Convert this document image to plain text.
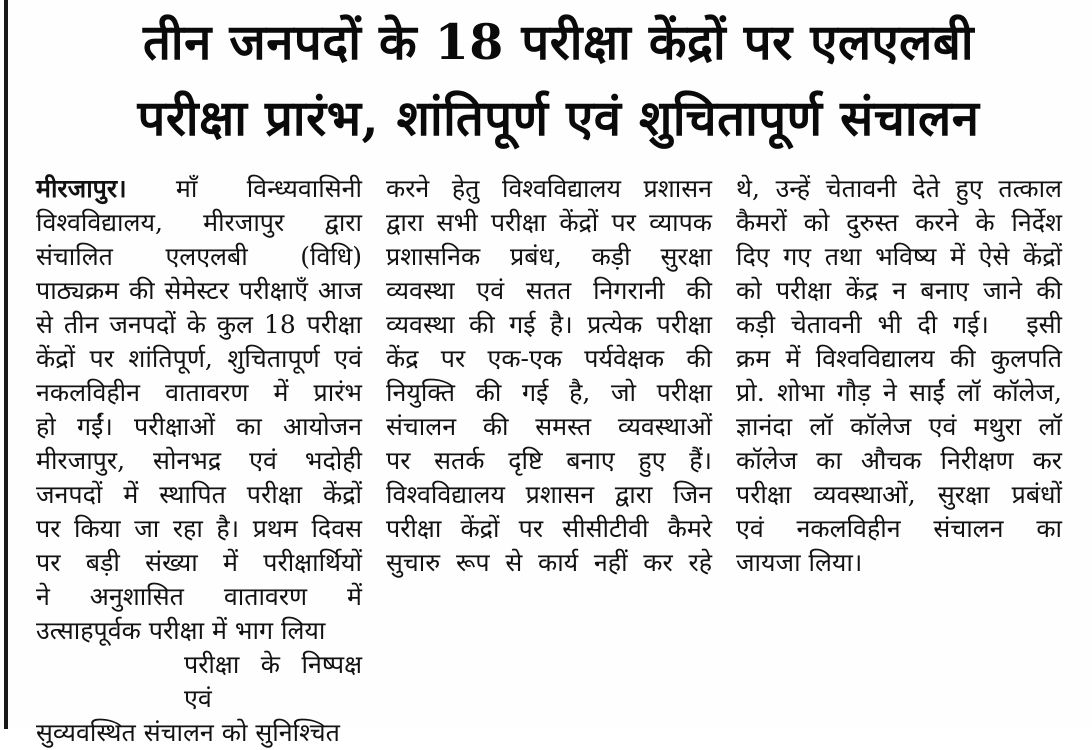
तीन जनपदों के 18 परीक्षा केंद्रों पर एलएलबी
परीक्षा प्रारंभ, शांतिपूर्ण एवं शुचितापूर्ण संचालन
मीरजापुर। माँ विन्ध्यवासिनी
विश्वविद्यालय, मीरजापुर द्वारा
संचालित एलएलबी (विधि)
पाठ्यक्रम की सेमेस्टर परीक्षाएँ आज
से तीन जनपदों के कुल 18 परीक्षा
केंद्रों पर शांतिपूर्ण, शुचितापूर्ण एवं
नकलविहीन वातावरण में प्रारंभ
हो गईं। परीक्षाओं का आयोजन
मीरजापुर, सोनभद्र एवं भदोही
जनपदों में स्थापित परीक्षा केंद्रों
पर किया जा रहा है। प्रथम दिवस
पर बड़ी संख्या में परीक्षार्थियों
ने अनुशासित वातावरण में
उत्साहपूर्वक परीक्षा में भाग लिया
परीक्षा के निष्पक्ष एवं
सुव्यवस्थित संचालन को सुनिश्चित
करने हेतु विश्वविद्यालय प्रशासन
द्वारा सभी परीक्षा केंद्रों पर व्यापक
प्रशासनिक प्रबंध, कड़ी सुरक्षा
व्यवस्था एवं सतत निगरानी की
व्यवस्था की गई है। प्रत्येक परीक्षा
केंद्र पर एक-एक पर्यवेक्षक की
नियुक्ति की गई है, जो परीक्षा
संचालन की समस्त व्यवस्थाओं
पर सतर्क दृष्टि बनाए हुए हैं।
विश्वविद्यालय प्रशासन द्वारा जिन
परीक्षा केंद्रों पर सीसीटीवी कैमरे
सुचारु रूप से कार्य नहीं कर रहे
थे, उन्हें चेतावनी देते हुए तत्काल
कैमरों को दुरुस्त करने के निर्देश
दिए गए तथा भविष्य में ऐसे केंद्रों
को परीक्षा केंद्र न बनाए जाने की
कड़ी चेतावनी भी दी गई।  इसी
क्रम में विश्वविद्यालय की कुलपति
प्रो. शोभा गौड़ ने साईं लॉ कॉलेज,
ज्ञानंदा लॉ कॉलेज एवं मथुरा लॉ
कॉलेज का औचक निरीक्षण कर
परीक्षा व्यवस्थाओं, सुरक्षा प्रबंधों
एवं नकलविहीन संचालन का
जायजा लिया।
